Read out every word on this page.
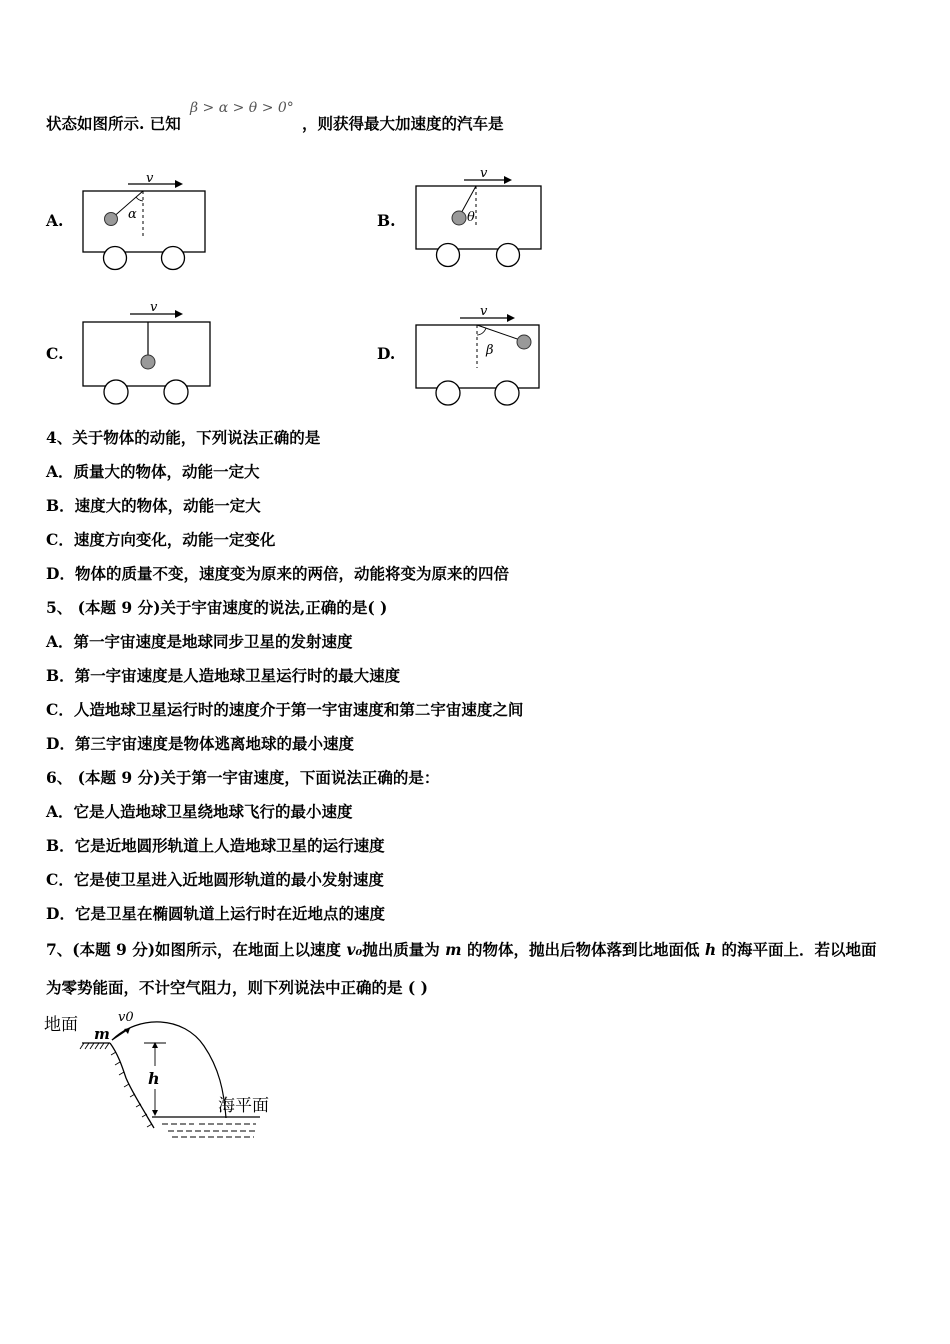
状态如图所示. 已知
β > α > θ > 0°
，则获得最大加速度的汽车是
A.	B.
C.	D.
v
α
v
θ
v	v
β
4、关于物体的动能，下列说法正确的是
A．质量大的物体，动能一定大
B．速度大的物体，动能一定大
C．速度方向变化，动能一定变化
D．物体的质量不变，速度变为原来的两倍，动能将变为原来的四倍
5、 (本题 9 分)关于宇宙速度的说法,正确的是( )
A．第一宇宙速度是地球同步卫星的发射速度
B．第一宇宙速度是人造地球卫星运行时的最大速度
C．人造地球卫星运行时的速度介于第一宇宙速度和第二宇宙速度之间
D．第三宇宙速度是物体逃离地球的最小速度
6、 (本题 9 分)关于第一宇宙速度，下面说法正确的是：
A．它是人造地球卫星绕地球飞行的最小速度
B．它是近地圆形轨道上人造地球卫星的运行速度
C．它是使卫星进入近地圆形轨道的最小发射速度
D．它是卫星在椭圆轨道上运行时在近地点的速度
7、(本题 9 分)如图所示，在地面上以速度 v₀抛出质量为 m 的物体，抛出后物体落到比地面低 h 的海平面上．若以地面
为零势能面，不计空气阻力，则下列说法中正确的是 ( )
地面 m
v0
h
海平面
